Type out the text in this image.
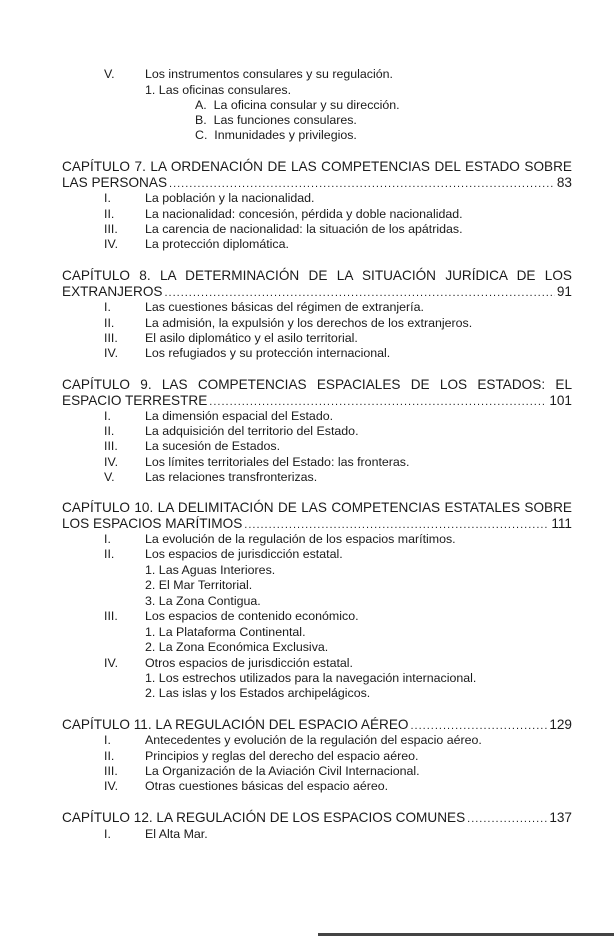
V. Los instrumentos consulares y su regulación.
1. Las oficinas consulares.
A. La oficina consular y su dirección.
B. Las funciones consulares.
C. Inmunidades y privilegios.
CAPÍTULO 7. LA ORDENACIÓN DE LAS COMPETENCIAS DEL ESTADO SOBRE
LAS PERSONAS .....	83
I.	La población y la nacionalidad.
II. La nacionalidad: concesión, pérdida y doble nacionalidad.
III. La carencia de nacionalidad: la situación de los apátridas.
IV. La protección diplomática.
CAPÍTULO 8. LA DETERMINACIÓN DE LA SITUACIÓN JURÍDICA DE LOS
EXTRANJEROS .....	91
I.	Las cuestiones básicas del régimen de extranjería.
II. La admisión, la expulsión y los derechos de los extranjeros.
III. El asilo diplomático y el asilo territorial.
IV. Los refugiados y su protección internacional.
CAPÍTULO 9. LAS COMPETENCIAS ESPACIALES DE LOS ESTADOS: EL
ESPACIO TERRESTRE .....	101
I.	La dimensión espacial del Estado.
II. La adquisición del territorio del Estado.
III. La sucesión de Estados.
IV. Los límites territoriales del Estado: las fronteras.
V. Las relaciones transfronterizas.
CAPÍTULO 10. LA DELIMITACIÓN DE LAS COMPETENCIAS ESTATALES SOBRE
LOS ESPACIOS MARÍTIMOS .....	111
I.	La evolución de la regulación de los espacios marítimos.
II. Los espacios de jurisdicción estatal.
1. Las Aguas Interiores.
2. El Mar Territorial.
3. La Zona Contigua.
III. Los espacios de contenido económico.
1. La Plataforma Continental.
2. La Zona Económica Exclusiva.
IV. Otros espacios de jurisdicción estatal.
1. Los estrechos utilizados para la navegación internacional.
2. Las islas y los Estados archipelágicos.
CAPÍTULO 11. LA REGULACIÓN DEL ESPACIO AÉREO .....	129
I.	Antecedentes y evolución de la regulación del espacio aéreo.
II. Principios y reglas del derecho del espacio aéreo.
III. La Organización de la Aviación Civil Internacional.
IV. Otras cuestiones básicas del espacio aéreo.
CAPÍTULO 12. LA REGULACIÓN DE LOS ESPACIOS COMUNES .....	137
I.	El Alta Mar.
